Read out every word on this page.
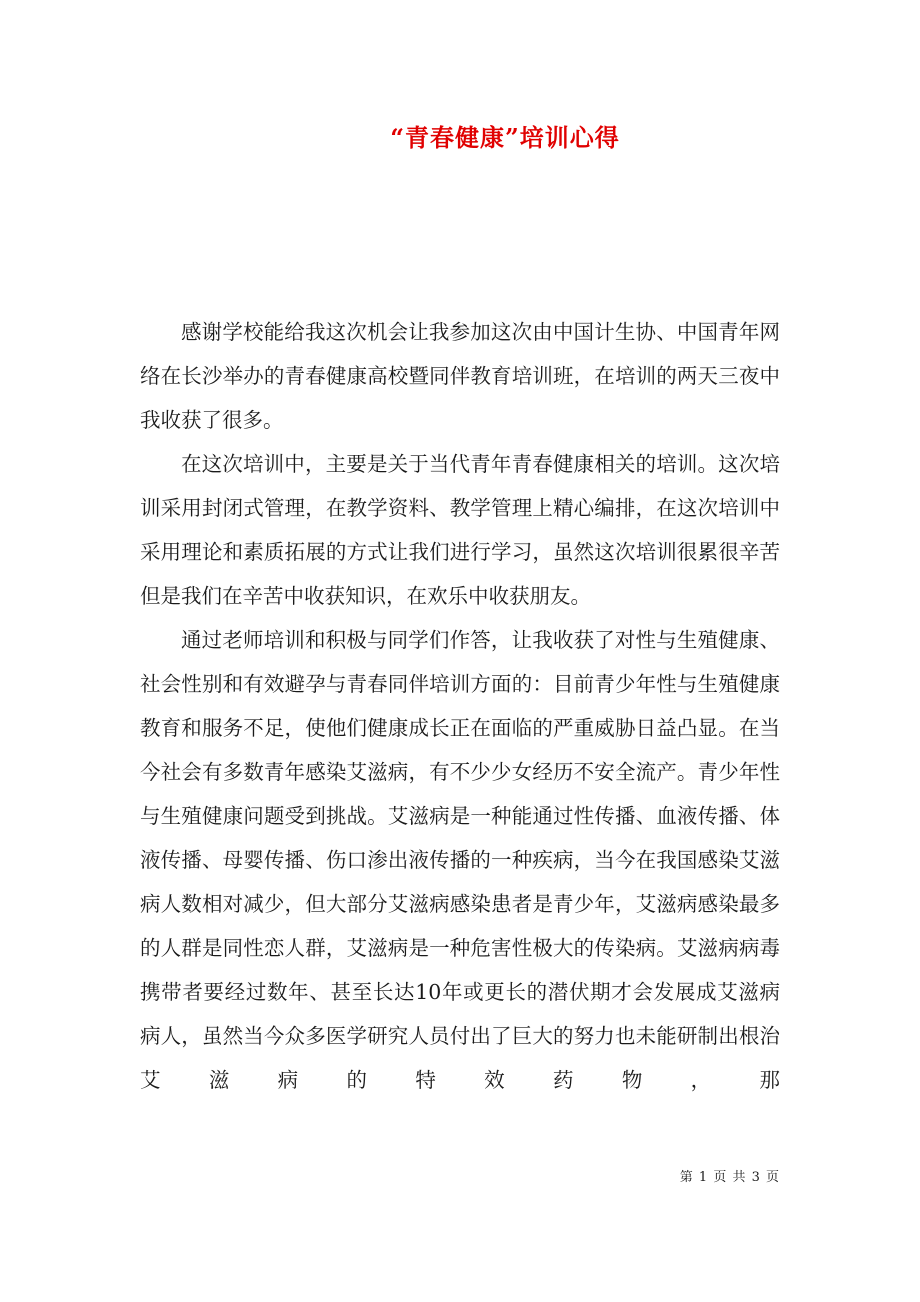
“青春健康”培训心得

感谢学校能给我这次机会让我参加这次由中国计生协、中国青年网络在长沙举办的青春健康高校暨同伴教育培训班，在培训的两天三夜中我收获了很多。

在这次培训中，主要是关于当代青年青春健康相关的培训。这次培训采用封闭式管理，在教学资料、教学管理上精心编排，在这次培训中采用理论和素质拓展的方式让我们进行学习，虽然这次培训很累很辛苦但是我们在辛苦中收获知识，在欢乐中收获朋友。

通过老师培训和积极与同学们作答，让我收获了对性与生殖健康、社会性别和有效避孕与青春同伴培训方面的：目前青少年性与生殖健康教育和服务不足，使他们健康成长正在面临的严重威胁日益凸显。在当今社会有多数青年感染艾滋病，有不少少女经历不安全流产。青少年性与生殖健康问题受到挑战。艾滋病是一种能通过性传播、血液传播、体液传播、母婴传播、伤口渗出液传播的一种疾病，当今在我国感染艾滋病人数相对减少，但大部分艾滋病感染患者是青少年，艾滋病感染最多的人群是同性恋人群，艾滋病是一种危害性极大的传染病。艾滋病病毒携带者要经过数年、甚至长达10年或更长的潜伏期才会发展成艾滋病病人，虽然当今众多医学研究人员付出了巨大的努力也未能研制出根治艾滋病的特效药物，那

第 1 页 共 3 页
